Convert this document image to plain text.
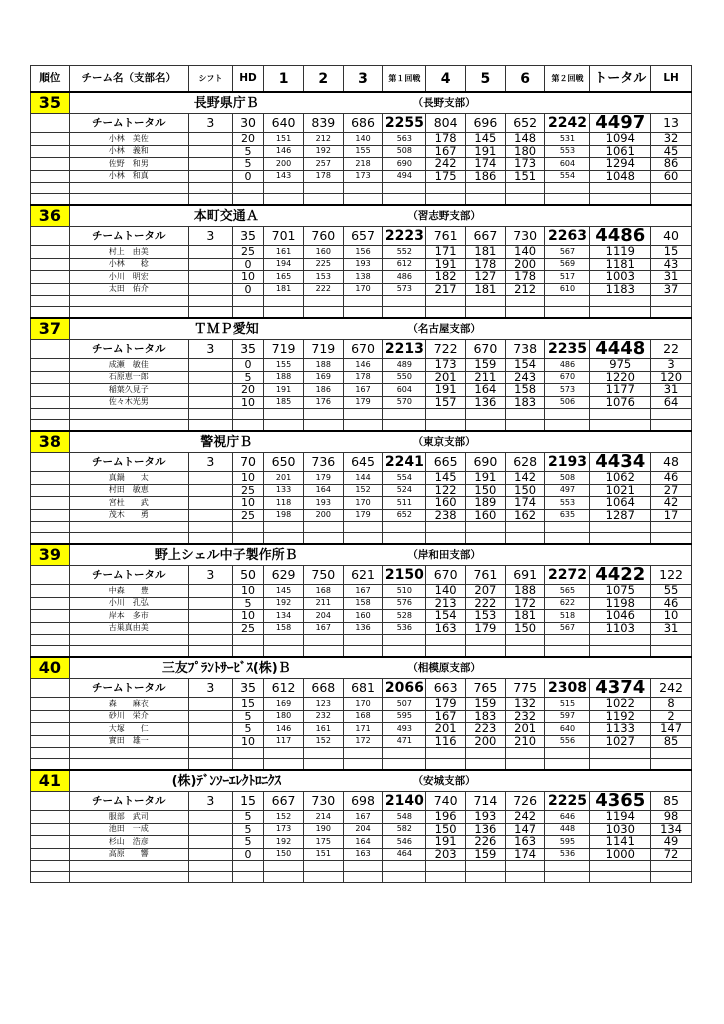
順位	チーム名（支部名）	シフト	HD	1	2	3	第１回戦	4	5	6	第２回戦	トータル	LH
35	長野県庁Ｂ						（長野支部）						
	チームトータル	3	30	640	839	686	2255	804	696	652	2242	4497	13
	小林　美佐		20	151	212	140	563	178	145	148	531	1094	32
	小林　義和		5	146	192	155	508	167	191	180	553	1061	45
	佐野　和男		5	200	257	218	690	242	174	173	604	1294	86
	小林　和真		0	143	178	173	494	175	186	151	554	1048	60

36	本町交通Ａ						（習志野支部）						
	チームトータル	3	35	701	760	657	2223	761	667	730	2263	4486	40
	村上　由美		25	161	160	156	552	171	181	140	567	1119	15
	小林　　稔		0	194	225	193	612	191	178	200	569	1181	43
	小川　明宏		10	165	153	138	486	182	127	178	517	1003	31
	太田　佑介		0	181	222	170	573	217	181	212	610	1183	37

37	ＴＭＰ愛知						（名古屋支部）						
	チームトータル	3	35	719	719	670	2213	722	670	738	2235	4448	22
	成瀬　敏佳		0	155	188	146	489	173	159	154	486	975	3
	石原恵一郎		5	188	169	178	550	201	211	243	670	1220	120
	稲葉久見子		20	191	186	167	604	191	164	158	573	1177	31
	佐々木光男		10	185	176	179	570	157	136	183	506	1076	64

38	警視庁Ｂ						（東京支部）						
	チームトータル	3	70	650	736	645	2241	665	690	628	2193	4434	48
	真鍋　　太		10	201	179	144	554	145	191	142	508	1062	46
	村田　敏恵		25	133	164	152	524	122	150	150	497	1021	27
	宮杜　　武		10	118	193	170	511	160	189	174	553	1064	42
	茂木　　勇		25	198	200	179	652	238	160	162	635	1287	17

39	野上シェル中子製作所Ｂ						（岸和田支部）						
	チームトータル	3	50	629	750	621	2150	670	761	691	2272	4422	122
	中森　　豊		10	145	168	167	510	140	207	188	565	1075	55
	小川　孔弘		5	192	211	158	576	213	222	172	622	1198	46
	岸本　多市		10	134	204	160	528	154	153	181	518	1046	10
	古巣真由美		25	158	167	136	536	163	179	150	567	1103	31

40	三友ﾌﾟﾗﾝﾄｻｰﾋﾞｽ(株)Ｂ						（相模原支部）						
	チームトータル	3	35	612	668	681	2066	663	765	775	2308	4374	242
	森　　麻衣		15	169	123	170	507	179	159	132	515	1022	8
	砂川　栄介		5	180	232	168	595	167	183	232	597	1192	2
	大塚　　仁		5	146	161	171	493	201	223	201	640	1133	147
	實田　雄一		10	117	152	172	471	116	200	210	556	1027	85

41	(株)ﾃﾞﾝｿｰｴﾚｸﾄﾛﾆｸｽ						（安城支部）						
	チームトータル	3	15	667	730	698	2140	740	714	726	2225	4365	85
	服部　武司		5	152	214	167	548	196	193	242	646	1194	98
	池田　一成		5	173	190	204	582	150	136	147	448	1030	134
	杉山　浩彦		5	192	175	164	546	191	226	163	595	1141	49
	高原　　響		0	150	151	163	464	203	159	174	536	1000	72
